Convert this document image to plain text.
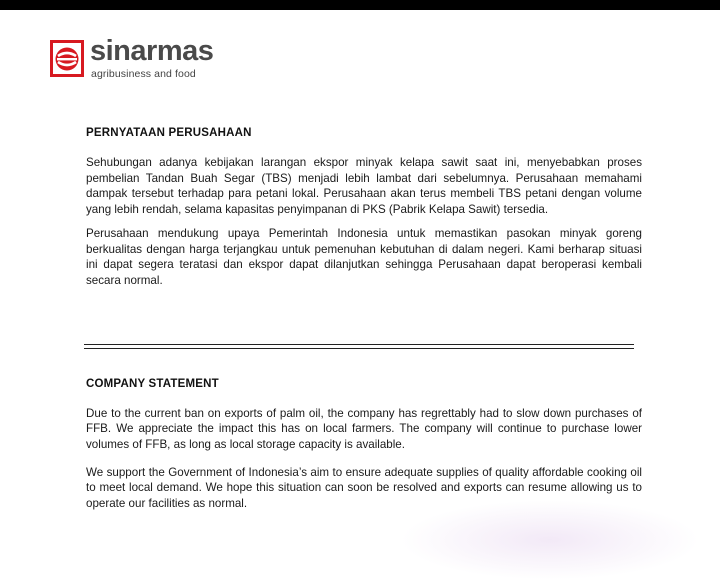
sinarmas
agribusiness and food
PERNYATAAN PERUSAHAAN

Sehubungan adanya kebijakan larangan ekspor minyak kelapa sawit saat ini, menyebabkan proses pembelian Tandan Buah Segar (TBS) menjadi lebih lambat dari sebelumnya. Perusahaan memahami dampak tersebut terhadap para petani lokal. Perusahaan akan terus membeli TBS petani dengan volume yang lebih rendah, selama kapasitas penyimpanan di PKS (Pabrik Kelapa Sawit) tersedia.

Perusahaan mendukung upaya Pemerintah Indonesia untuk memastikan pasokan minyak goreng berkualitas dengan harga terjangkau untuk pemenuhan kebutuhan di dalam negeri. Kami berharap situasi ini dapat segera teratasi dan ekspor dapat dilanjutkan sehingga Perusahaan dapat beroperasi kembali secara normal.

COMPANY STATEMENT

Due to the current ban on exports of palm oil, the company has regrettably had to slow down purchases of FFB. We appreciate the impact this has on local farmers. The company will continue to purchase lower volumes of FFB, as long as local storage capacity is available.

We support the Government of Indonesia’s aim to ensure adequate supplies of quality affordable cooking oil to meet local demand. We hope this situation can soon be resolved and exports can resume allowing us to operate our facilities as normal.
